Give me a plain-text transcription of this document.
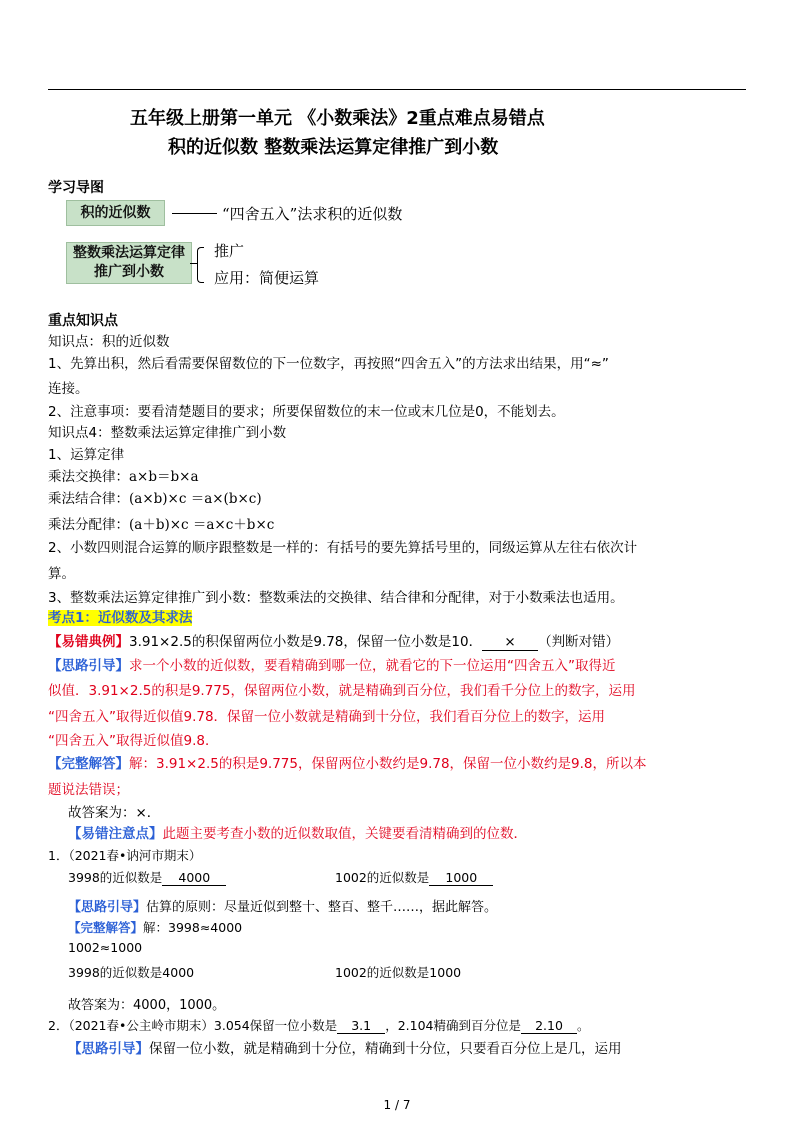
五年级上册第一单元 《小数乘法》2重点难点易错点
积的近似数 整数乘法运算定律推广到小数
学习导图
积的近似数	“四舍五入”法求积的近似数
整数乘法运算定律推广到小数
推广
应用：简便运算
重点知识点
知识点：积的近似数
1、先算出积，然后看需要保留数位的下一位数字，再按照“四舍五入”的方法求出结果，用“≈”
连接。
2、注意事项：要看清楚题目的要求；所要保留数位的末一位或末几位是0，不能划去。
知识点4：整数乘法运算定律推广到小数
1、运算定律
乘法交换律：a×b＝b×a
乘法结合律：(a×b)×c ＝a×(b×c)
乘法分配律：(a＋b)×c ＝a×c＋b×c
2、小数四则混合运算的顺序跟整数是一样的：有括号的要先算括号里的，同级运算从左往右依次计
算。
3、整数乘法运算定律推广到小数：整数乘法的交换律、结合律和分配律，对于小数乘法也适用。
考点1：近似数及其求法
【易错典例】3.91×2.5的积保留两位小数是9.78，保留一位小数是10． × （判断对错）
【思路引导】求一个小数的近似数，要看精确到哪一位，就看它的下一位运用“四舍五入”取得近
似值．3.91×2.5的积是9.775，保留两位小数，就是精确到百分位，我们看千分位上的数字，运用
“四舍五入”取得近似值9.78．保留一位小数就是精确到十分位，我们看百分位上的数字，运用
“四舍五入”取得近似值9.8．
【完整解答】解：3.91×2.5的积是9.775，保留两位小数约是9.78，保留一位小数约是9.8，所以本
题说法错误；
故答案为：×．
【易错注意点】此题主要考查小数的近似数取值，关键要看清精确到的位数．
1．（2021春•讷河市期末）
3998的近似数是 4000	1002的近似数是 1000
【思路引导】估算的原则：尽量近似到整十、整百、整千……，据此解答。
【完整解答】解：3998≈4000
1002≈1000
3998的近似数是4000	1002的近似数是1000
故答案为：4000，1000。
2．（2021春•公主岭市期末）3.054保留一位小数是 3.1 ，2.104精确到百分位是 2.10 。
【思路引导】保留一位小数，就是精确到十分位，精确到十分位，只要看百分位上是几，运用
1 / 7
